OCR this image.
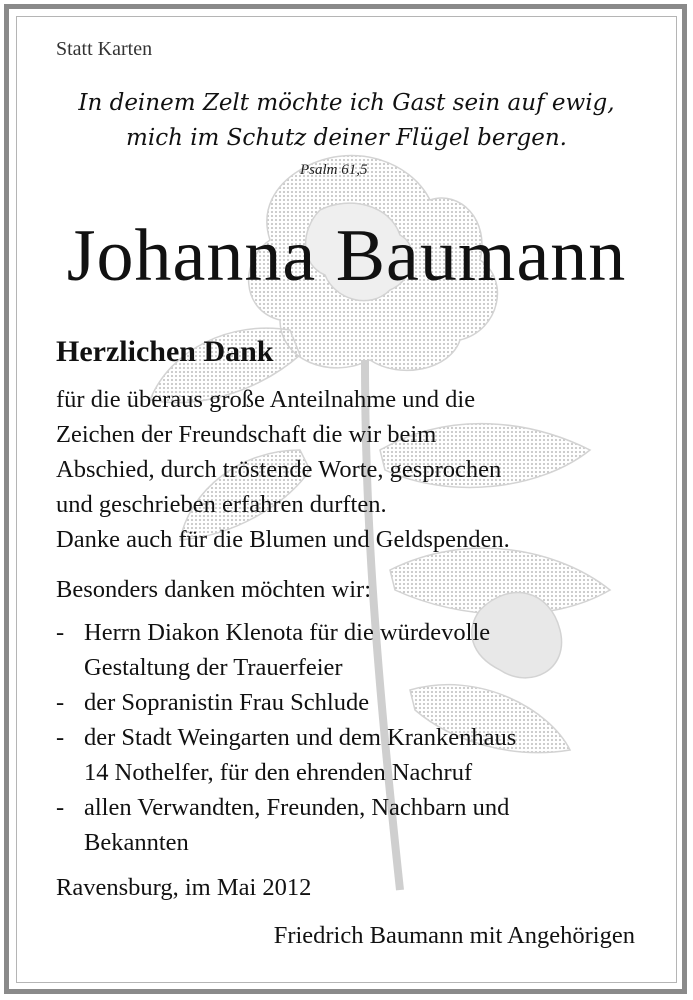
Statt Karten
In deinem Zelt möchte ich Gast sein auf ewig,
mich im Schutz deiner Flügel bergen.
Psalm 61,5
Johanna Baumann
Herzlichen Dank
für die überaus große Anteilnahme und die
Zeichen der Freundschaft die wir beim
Abschied, durch tröstende Worte, gesprochen
und geschrieben erfahren durften.
Danke auch für die Blumen und Geldspenden.
Besonders danken möchten wir:
- Herrn Diakon Klenota für die würdevolle
Gestaltung der Trauerfeier
- der Sopranistin Frau Schlude
- der Stadt Weingarten und dem Krankenhaus
14 Nothelfer, für den ehrenden Nachruf
- allen Verwandten, Freunden, Nachbarn und
Bekannten
Ravensburg, im Mai 2012
Friedrich Baumann mit Angehörigen
